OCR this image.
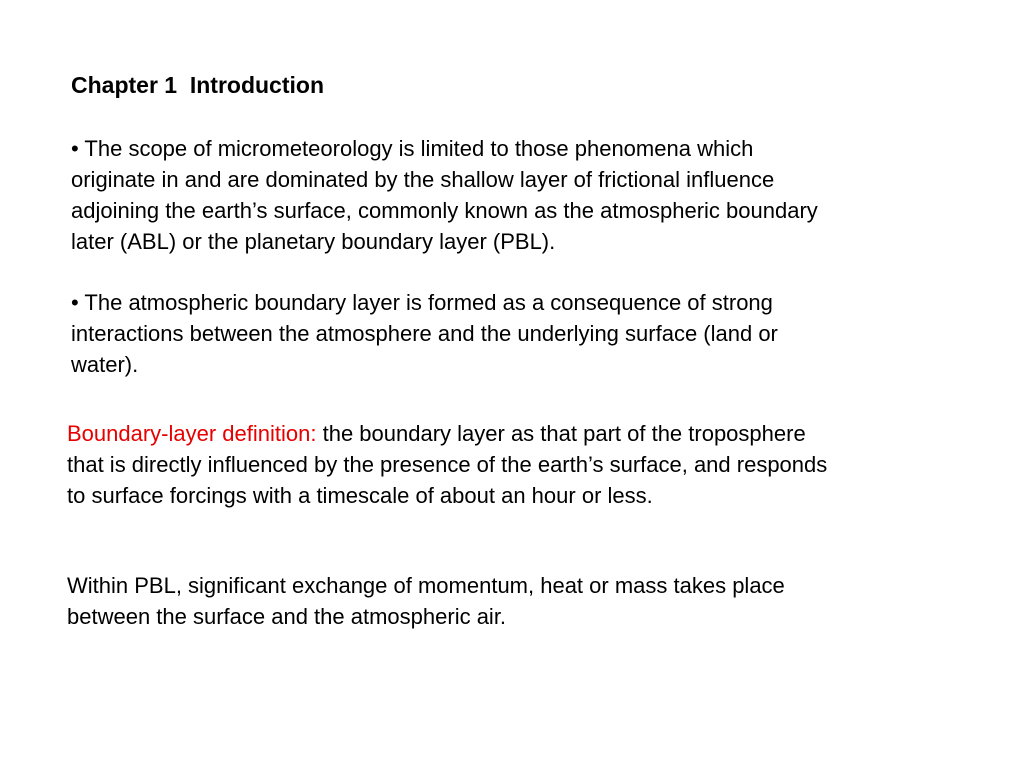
Chapter 1  Introduction
• The scope of micrometeorology is limited to those phenomena which
originate in and are dominated by the shallow layer of frictional influence
adjoining the earth’s surface, commonly known as the atmospheric boundary
later (ABL) or the planetary boundary layer (PBL).
• The atmospheric boundary layer is formed as a consequence of strong
interactions between the atmosphere and the underlying surface (land or
water).
Boundary-layer definition: the boundary layer as that part of the troposphere
that is directly influenced by the presence of the earth’s surface, and responds
to surface forcings with a timescale of about an hour or less.
Within PBL, significant exchange of momentum, heat or mass takes place
between the surface and the atmospheric air.
